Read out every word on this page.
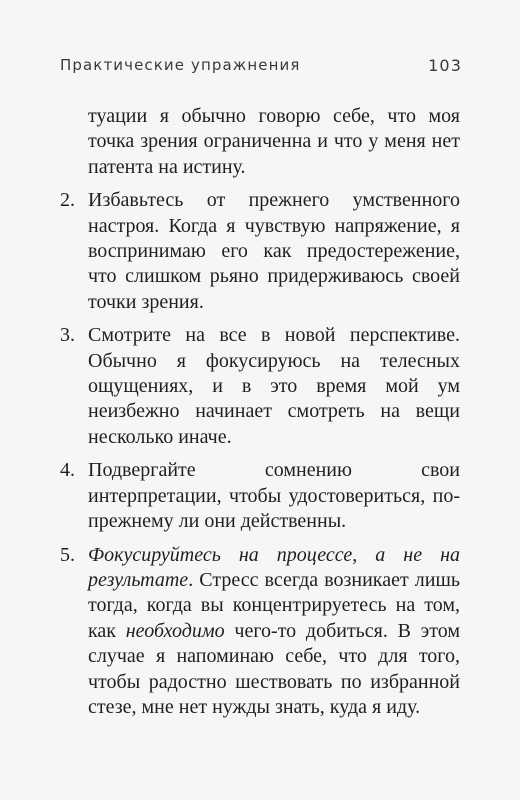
Практические упражнения	103

туации я обычно говорю себе, что моя точка зрения ограниченна и что у меня нет патента на истину.

2. Избавьтесь от прежнего умственного настроя. Когда я чувствую напряжение, я воспринимаю его как предостережение, что слишком рьяно придерживаюсь своей точки зрения.
3. Смотрите на все в новой перспективе. Обычно я фокусируюсь на телесных ощущениях, и в это время мой ум неизбежно начинает смотреть на вещи несколько иначе.
4. Подвергайте сомнению свои интерпретации, чтобы удостовериться, по-прежнему ли они действенны.
5. Фокусируйтесь на процессе, а не на результате. Стресс всегда возникает лишь тогда, когда вы концентрируетесь на том, как необходимо чего-то добиться. В этом случае я напоминаю себе, что для того, чтобы радостно шествовать по избранной стезе, мне нет нужды знать, куда я иду.
